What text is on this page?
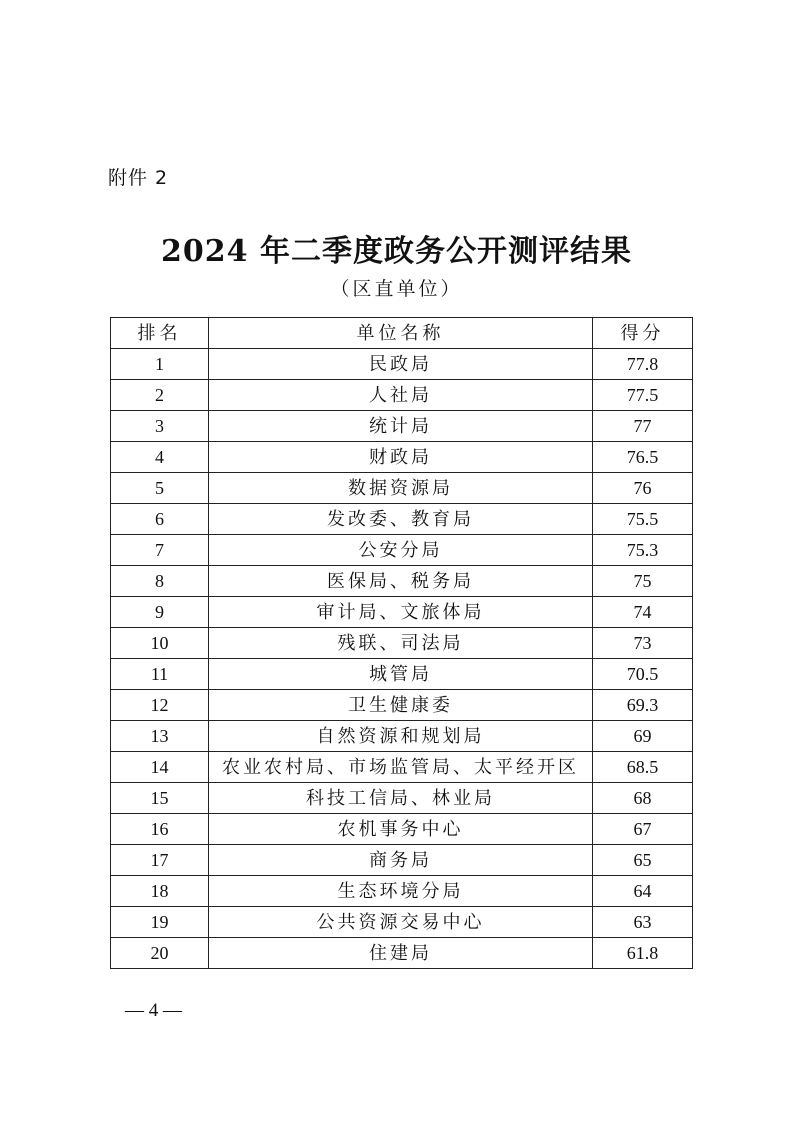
附件 2
2024 年二季度政务公开测评结果
（区直单位）
排名	单位名称	得分
1	民政局	77.8
2	人社局	77.5
3	统计局	77
4	财政局	76.5
5	数据资源局	76
6	发改委、教育局	75.5
7	公安分局	75.3
8	医保局、税务局	75
9	审计局、文旅体局	74
10	残联、司法局	73
11	城管局	70.5
12	卫生健康委	69.3
13	自然资源和规划局	69
14	农业农村局、市场监管局、太平经开区	68.5
15	科技工信局、林业局	68
16	农机事务中心	67
17	商务局	65
18	生态环境分局	64
19	公共资源交易中心	63
20	住建局	61.8
— 4 —
